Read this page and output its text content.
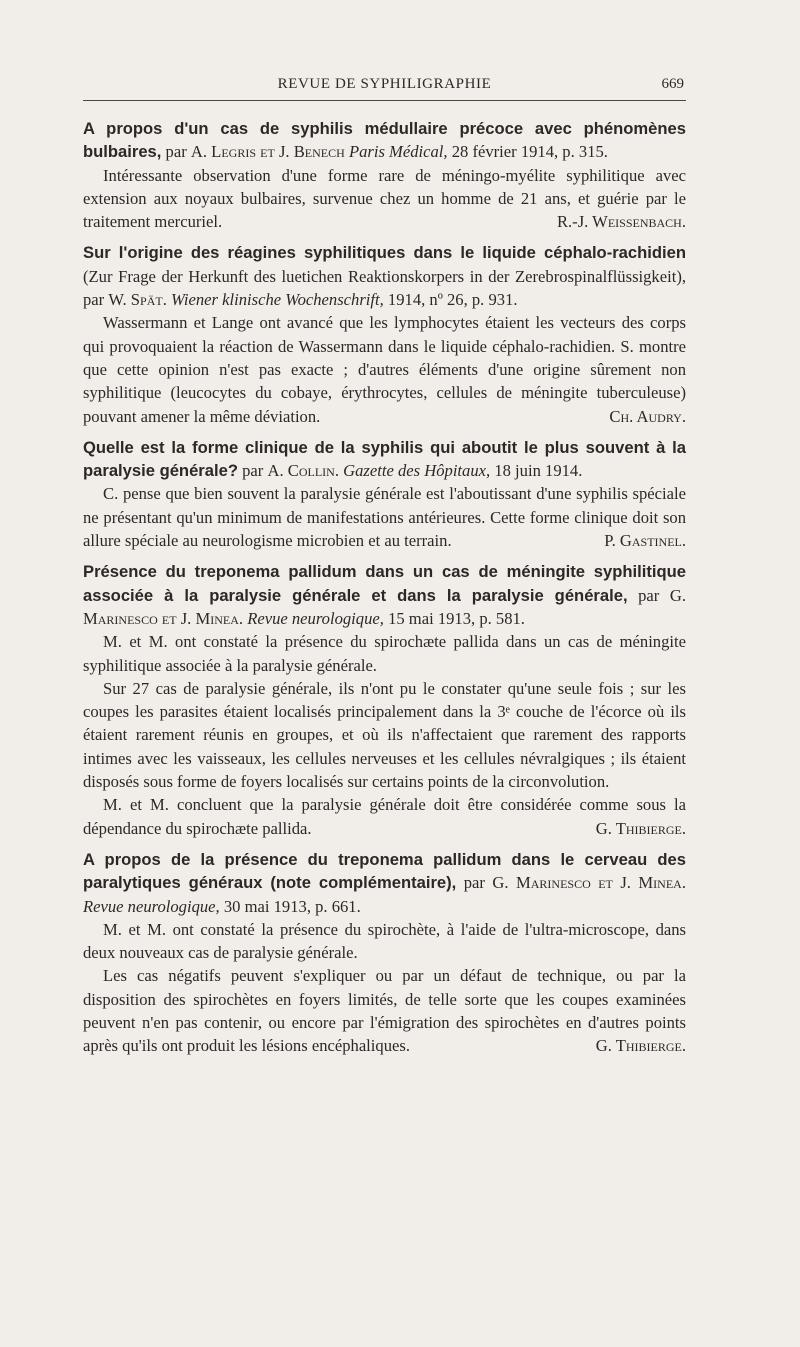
REVUE DE SYPHILIGRAPHIE	669

A propos d'un cas de syphilis médullaire précoce avec phénomènes bulbaires, par A. Legris et J. Benech Paris Médical, 28 février 1914, p. 315.

Intéressante observation d'une forme rare de méningo-myélite syphilitique avec extension aux noyaux bulbaires, survenue chez un homme de 21 ans, et guérie par le traitement mercuriel.	R.-J. Weissenbach.

Sur l'origine des réagines syphilitiques dans le liquide céphalo-rachidien (Zur Frage der Herkunft des luetichen Reaktionskorpers in der Zerebrospinalflüssigkeit), par W. Spät. Wiener klinische Wochenschrift, 1914, nº 26, p. 931.

Wassermann et Lange ont avancé que les lymphocytes étaient les vecteurs des corps qui provoquaient la réaction de Wassermann dans le liquide céphalo-rachidien. S. montre que cette opinion n'est pas exacte ; d'autres éléments d'une origine sûrement non syphilitique (leucocytes du cobaye, érythrocytes, cellules de méningite tuberculeuse) pouvant amener la même déviation.	Ch. Audry.

Quelle est la forme clinique de la syphilis qui aboutit le plus souvent à la paralysie générale? par A. Collin. Gazette des Hôpitaux, 18 juin 1914.

C. pense que bien souvent la paralysie générale est l'aboutissant d'une syphilis spéciale ne présentant qu'un minimum de manifestations antérieures. Cette forme clinique doit son allure spéciale au neurologisme microbien et au terrain.	P. Gastinel.

Présence du treponema pallidum dans un cas de méningite syphilitique associée à la paralysie générale et dans la paralysie générale, par G. Marinesco et J. Minea. Revue neurologique, 15 mai 1913, p. 581.

M. et M. ont constaté la présence du spirochæte pallida dans un cas de méningite syphilitique associée à la paralysie générale.

Sur 27 cas de paralysie générale, ils n'ont pu le constater qu'une seule fois ; sur les coupes les parasites étaient localisés principalement dans la 3ᵉ couche de l'écorce où ils étaient rarement réunis en groupes, et où ils n'affectaient que rarement des rapports intimes avec les vaisseaux, les cellules nerveuses et les cellules névralgiques ; ils étaient disposés sous forme de foyers localisés sur certains points de la circonvolution.

M. et M. concluent que la paralysie générale doit être considérée comme sous la dépendance du spirochæte pallida.	G. Thibierge.

A propos de la présence du treponema pallidum dans le cerveau des paralytiques généraux (note complémentaire), par G. Marinesco et J. Minea. Revue neurologique, 30 mai 1913, p. 661.

M. et M. ont constaté la présence du spirochète, à l'aide de l'ultra-microscope, dans deux nouveaux cas de paralysie générale.

Les cas négatifs peuvent s'expliquer ou par un défaut de technique, ou par la disposition des spirochètes en foyers limités, de telle sorte que les coupes examinées peuvent n'en pas contenir, ou encore par l'émigration des spirochètes en d'autres points après qu'ils ont produit les lésions encéphaliques.	G. Thibierge.
